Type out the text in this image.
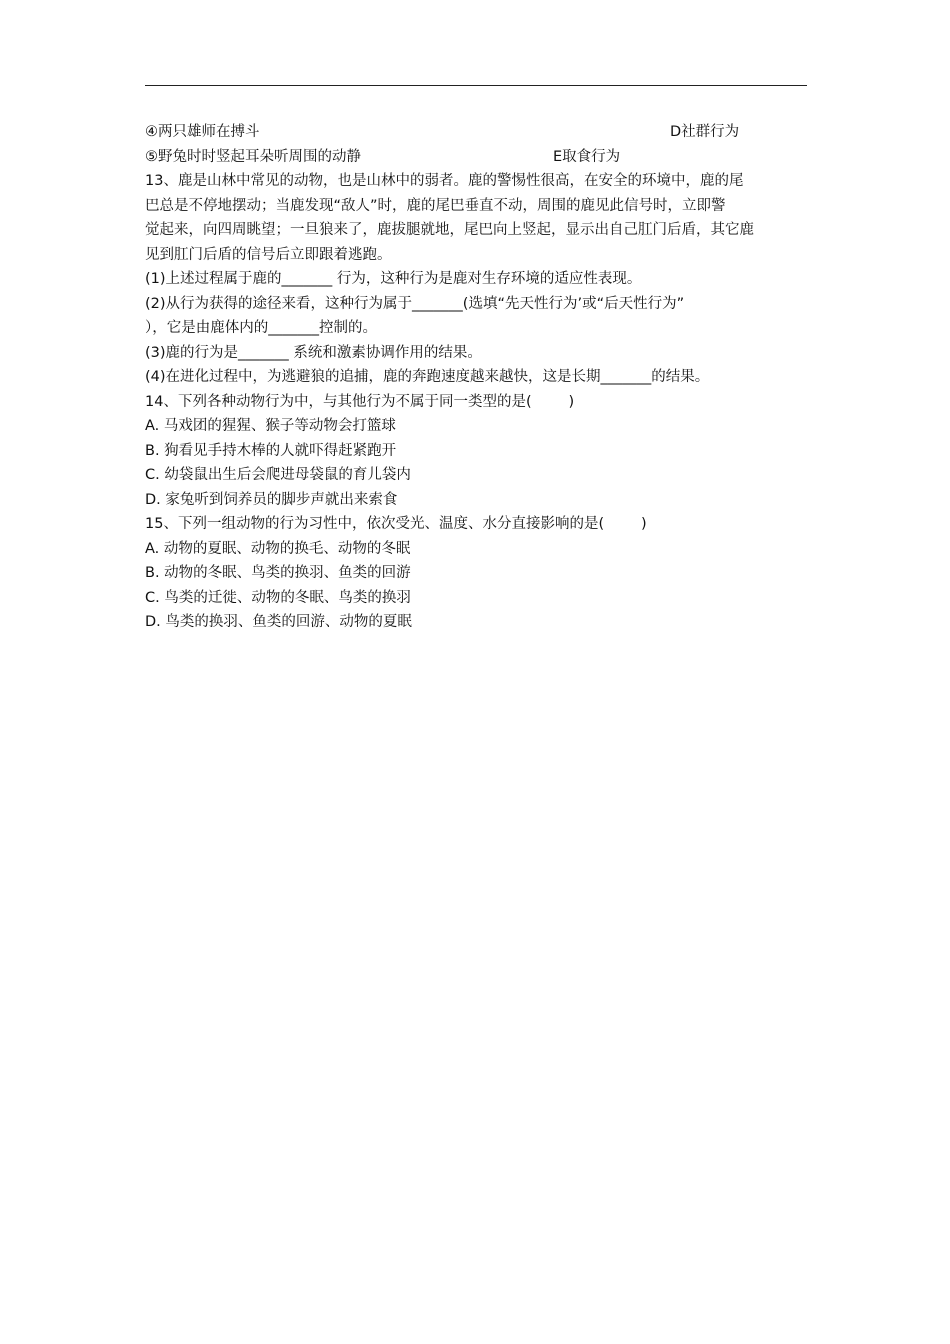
④两只雄师在搏斗	D社群行为
⑤野兔时时竖起耳朵听周围的动静	E取食行为
13、鹿是山林中常见的动物，也是山林中的弱者。鹿的警惕性很高，在安全的环境中，鹿的尾
巴总是不停地摆动；当鹿发现“敌人”时，鹿的尾巴垂直不动，周围的鹿见此信号时，立即警
觉起来，向四周眺望；一旦狼来了，鹿拔腿就地，尾巴向上竖起，显示出自己肛门后盾，其它鹿
见到肛门后盾的信号后立即跟着逃跑。
(1)上述过程属于鹿的_______ 行为，这种行为是鹿对生存环境的适应性表现。
(2)从行为获得的途径来看，这种行为属于_______(选填“先天性行为’或“后天性行为”
），它是由鹿体内的_______控制的。
(3)鹿的行为是_______ 系统和激素协调作用的结果。
(4)在进化过程中，为逃避狼的追捕，鹿的奔跑速度越来越快，这是长期_______的结果。
14、下列各种动物行为中，与其他行为不属于同一类型的是(        )
A. 马戏团的猩猩、猴子等动物会打篮球
B. 狗看见手持木棒的人就吓得赶紧跑开
C. 幼袋鼠出生后会爬进母袋鼠的育儿袋内
D. 家兔听到饲养员的脚步声就出来索食
15、下列一组动物的行为习性中，依次受光、温度、水分直接影响的是(        )
A. 动物的夏眠、动物的换毛、动物的冬眠
B. 动物的冬眠、鸟类的换羽、鱼类的回游
C. 鸟类的迁徙、动物的冬眠、鸟类的换羽
D. 鸟类的换羽、鱼类的回游、动物的夏眠
